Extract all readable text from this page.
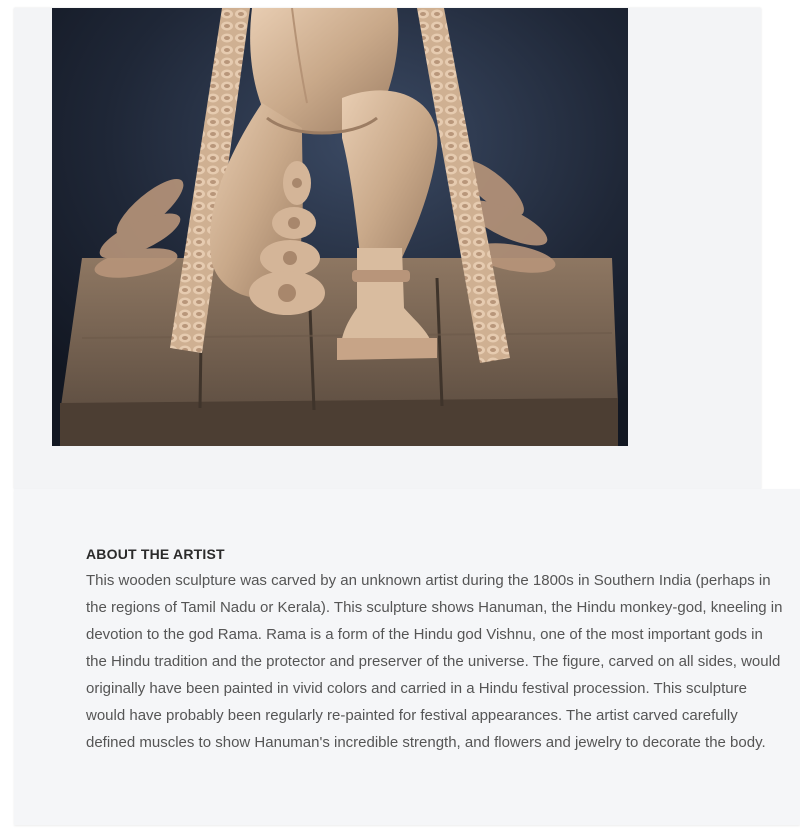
ABOUT THE ARTIST

This wooden sculpture was carved by an unknown artist during the 1800s in Southern India (perhaps in the regions of Tamil Nadu or Kerala). This sculpture shows Hanuman, the Hindu monkey-god, kneeling in devotion to the god Rama. Rama is a form of the Hindu god Vishnu, one of the most important gods in the Hindu tradition and the protector and preserver of the universe. The figure, carved on all sides, would originally have been painted in vivid colors and carried in a Hindu festival procession. This sculpture would have probably been regularly re-painted for festival appearances. The artist carved carefully defined muscles to show Hanuman's incredible strength, and flowers and jewelry to decorate the body.
